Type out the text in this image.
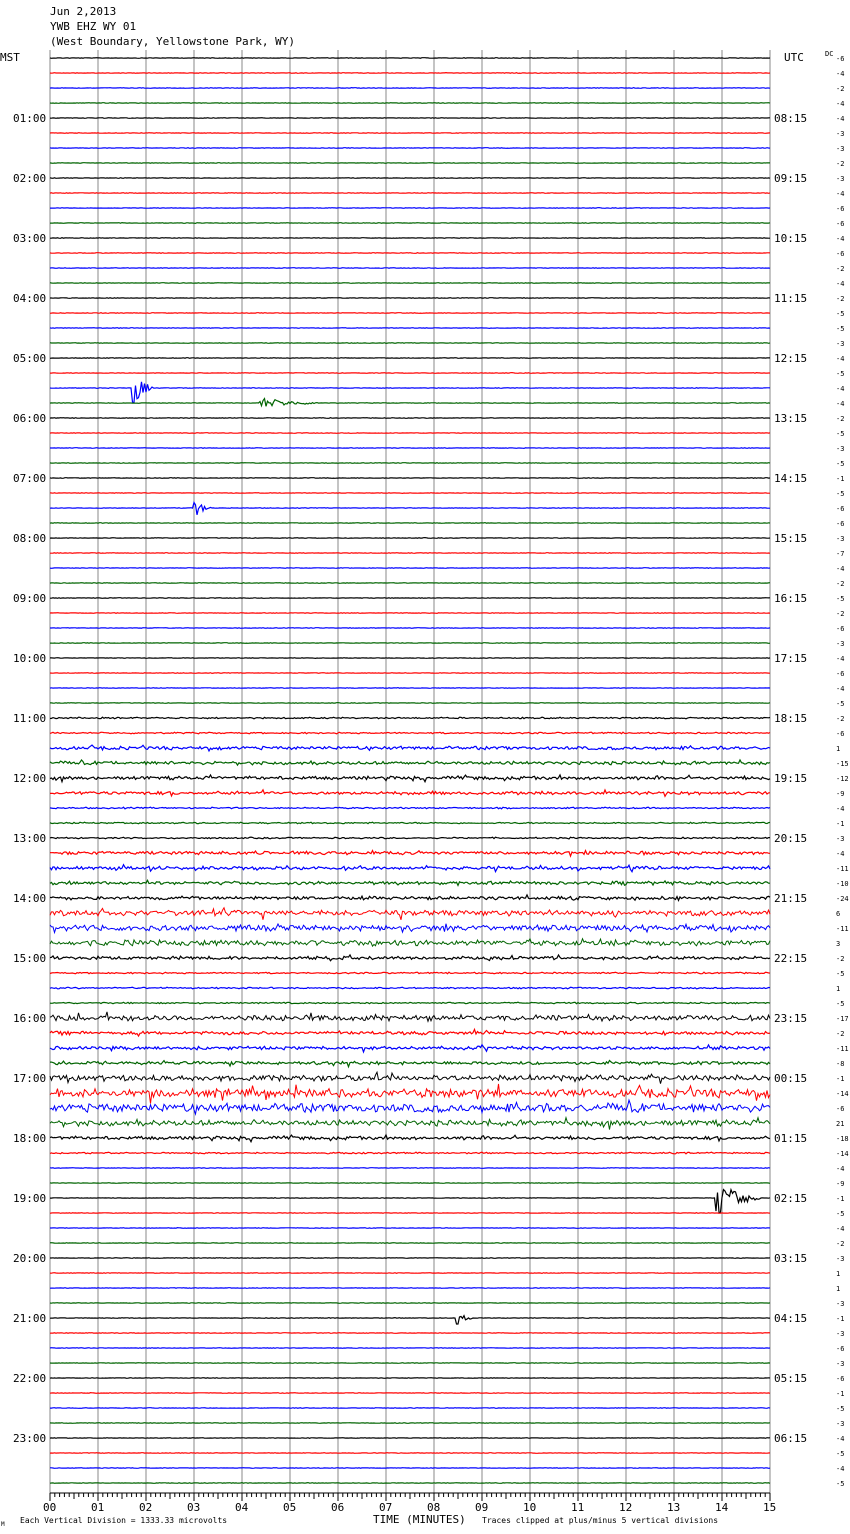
Jun 2,2013
YWB EHZ WY 01
(West Boundary, Yellowstone Park, WY)
00	01	02	03	04	05	06	07	08	09	10	11	12	13	14	15
-6
-4
-2
-4
-4
-3
-3
-2
-3
-4
-6
-6
-4
-6
-2
-4
-2
-5
-5
-3
-4
-5
-4
-4
-2
-5
-3
-5
-1
-5
-6
-6
-3
-7
-4
-2
-5
-2
-6
-3
-4
-6
-4
-5
-2
-6
1
-15
-12
-9
-4
-1
-3
-4
-11
-10
-24
6
-11
3
-2
-5
1
-5
-17
-2
-11
-8
-1
-14
-6
21
-18
-14
-4
-9
-1
-5
-4
-2
-3
1
1
-3
-1
-3
-6
-3
-6
-1
-5
-3
-4
-5
-4
-5
01:00	08:15
02:00	09:15
03:00	10:15
04:00	11:15
05:00	12:15
06:00	13:15
07:00	14:15
08:00	15:15
09:00	16:15
10:00	17:15
11:00	18:15
12:00	19:15
13:00	20:15
14:00	21:15
15:00	22:15
16:00	23:15
17:00	00:15
18:00	01:15
19:00	02:15
20:00	03:15
21:00	04:15
22:00	05:15
23:00	06:15
MST	UTC	DC
TIME (MINUTES)
Each Vertical Division = 1333.33 microvolts	Traces clipped at plus/minus 5 vertical divisions
M
